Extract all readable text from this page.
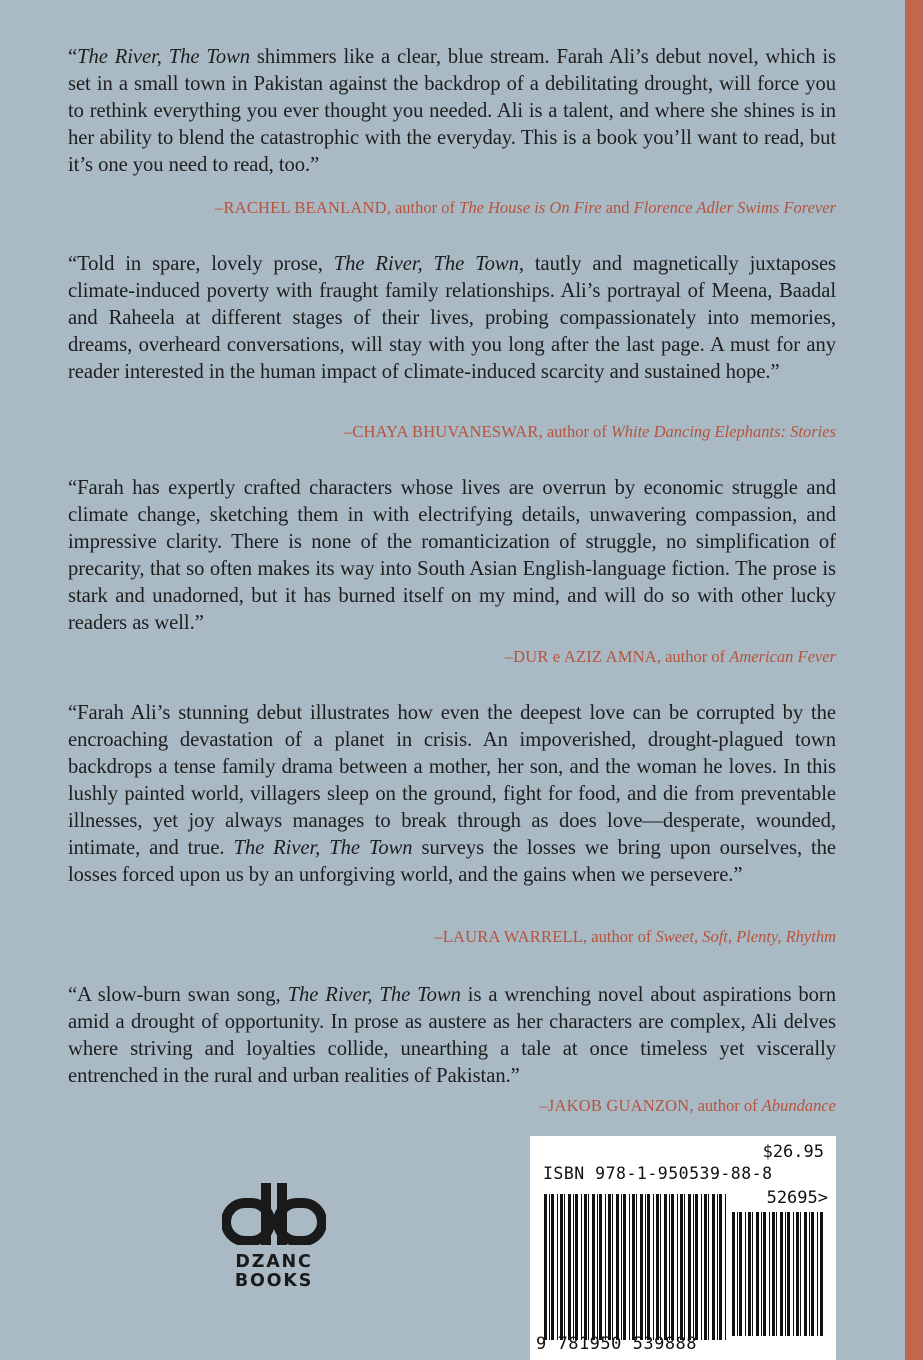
“The River, The Town shimmers like a clear, blue stream. Farah Ali’s debut novel, which is set in a small town in Pakistan against the backdrop of a debilitating drought, will force you to rethink everything you ever thought you needed. Ali is a talent, and where she shines is in her ability to blend the catastrophic with the everyday. This is a book you’ll want to read, but it’s one you need to read, too.”
–RACHEL BEANLAND, author of The House is On Fire and Florence Adler Swims Forever
“Told in spare, lovely prose, The River, The Town, tautly and magnetically juxtaposes climate-induced poverty with fraught family relationships. Ali’s portrayal of Meena, Baadal and Raheela at different stages of their lives, probing compassionately into memories, dreams, overheard conversations, will stay with you long after the last page. A must for any reader interested in the human impact of climate-induced scarcity and sustained hope.”
–CHAYA BHUVANESWAR, author of White Dancing Elephants: Stories
“Farah has expertly crafted characters whose lives are overrun by economic struggle and climate change, sketching them in with electrifying details, unwavering compassion, and impressive clarity. There is none of the romanticization of struggle, no simplification of precarity, that so often makes its way into South Asian English-language fiction. The prose is stark and unadorned, but it has burned itself on my mind, and will do so with other lucky readers as well.”
–DUR e AZIZ AMNA, author of American Fever
“Farah Ali’s stunning debut illustrates how even the deepest love can be corrupted by the encroaching devastation of a planet in crisis. An impoverished, drought-plagued town backdrops a tense family drama between a mother, her son, and the woman he loves. In this lushly painted world, villagers sleep on the ground, fight for food, and die from preventable illnesses, yet joy always manages to break through as does love—desperate, wounded, intimate, and true. The River, The Town surveys the losses we bring upon ourselves, the losses forced upon us by an unforgiving world, and the gains when we persevere.”
–LAURA WARRELL, author of Sweet, Soft, Plenty, Rhythm
“A slow-burn swan song, The River, The Town is a wrenching novel about aspirations born amid a drought of opportunity. In prose as austere as her characters are complex, Ali delves where striving and loyalties collide, unearthing a tale at once timeless yet viscerally entrenched in the rural and urban realities of Pakistan.”
–JAKOB GUANZON, author of Abundance
DZANC
BOOKS
$26.95
ISBN 978-1-950539-88-8
52695>
9 781950 539888
